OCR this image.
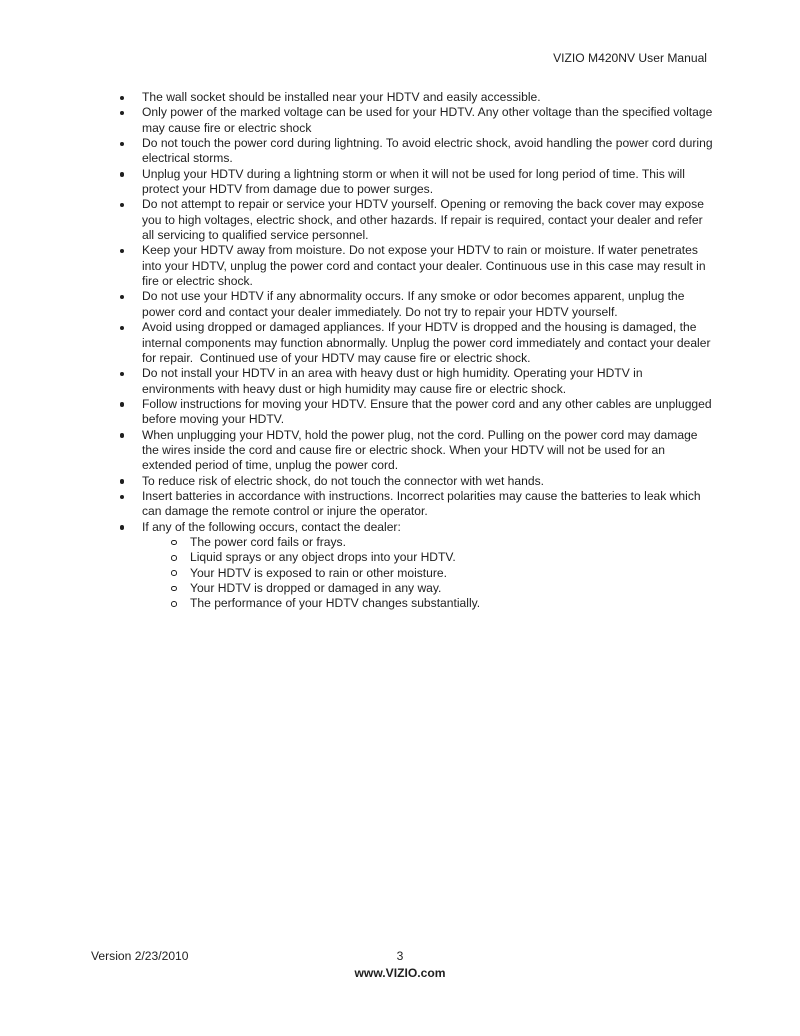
VIZIO M420NV User Manual
The wall socket should be installed near your HDTV and easily accessible.
Only power of the marked voltage can be used for your HDTV. Any other voltage than the specified voltage may cause fire or electric shock
Do not touch the power cord during lightning. To avoid electric shock, avoid handling the power cord during electrical storms.
Unplug your HDTV during a lightning storm or when it will not be used for long period of time. This will protect your HDTV from damage due to power surges.
Do not attempt to repair or service your HDTV yourself. Opening or removing the back cover may expose you to high voltages, electric shock, and other hazards. If repair is required, contact your dealer and refer all servicing to qualified service personnel.
Keep your HDTV away from moisture. Do not expose your HDTV to rain or moisture. If water penetrates into your HDTV, unplug the power cord and contact your dealer. Continuous use in this case may result in fire or electric shock.
Do not use your HDTV if any abnormality occurs. If any smoke or odor becomes apparent, unplug the power cord and contact your dealer immediately. Do not try to repair your HDTV yourself.
Avoid using dropped or damaged appliances. If your HDTV is dropped and the housing is damaged, the internal components may function abnormally. Unplug the power cord immediately and contact your dealer for repair.  Continued use of your HDTV may cause fire or electric shock.
Do not install your HDTV in an area with heavy dust or high humidity. Operating your HDTV in environments with heavy dust or high humidity may cause fire or electric shock.
Follow instructions for moving your HDTV. Ensure that the power cord and any other cables are unplugged before moving your HDTV.
When unplugging your HDTV, hold the power plug, not the cord. Pulling on the power cord may damage the wires inside the cord and cause fire or electric shock. When your HDTV will not be used for an extended period of time, unplug the power cord.
To reduce risk of electric shock, do not touch the connector with wet hands.
Insert batteries in accordance with instructions. Incorrect polarities may cause the batteries to leak which can damage the remote control or injure the operator.
If any of the following occurs, contact the dealer:
The power cord fails or frays.
Liquid sprays or any object drops into your HDTV.
Your HDTV is exposed to rain or other moisture.
Your HDTV is dropped or damaged in any way.
The performance of your HDTV changes substantially.
Version 2/23/2010	3
www.VIZIO.com
